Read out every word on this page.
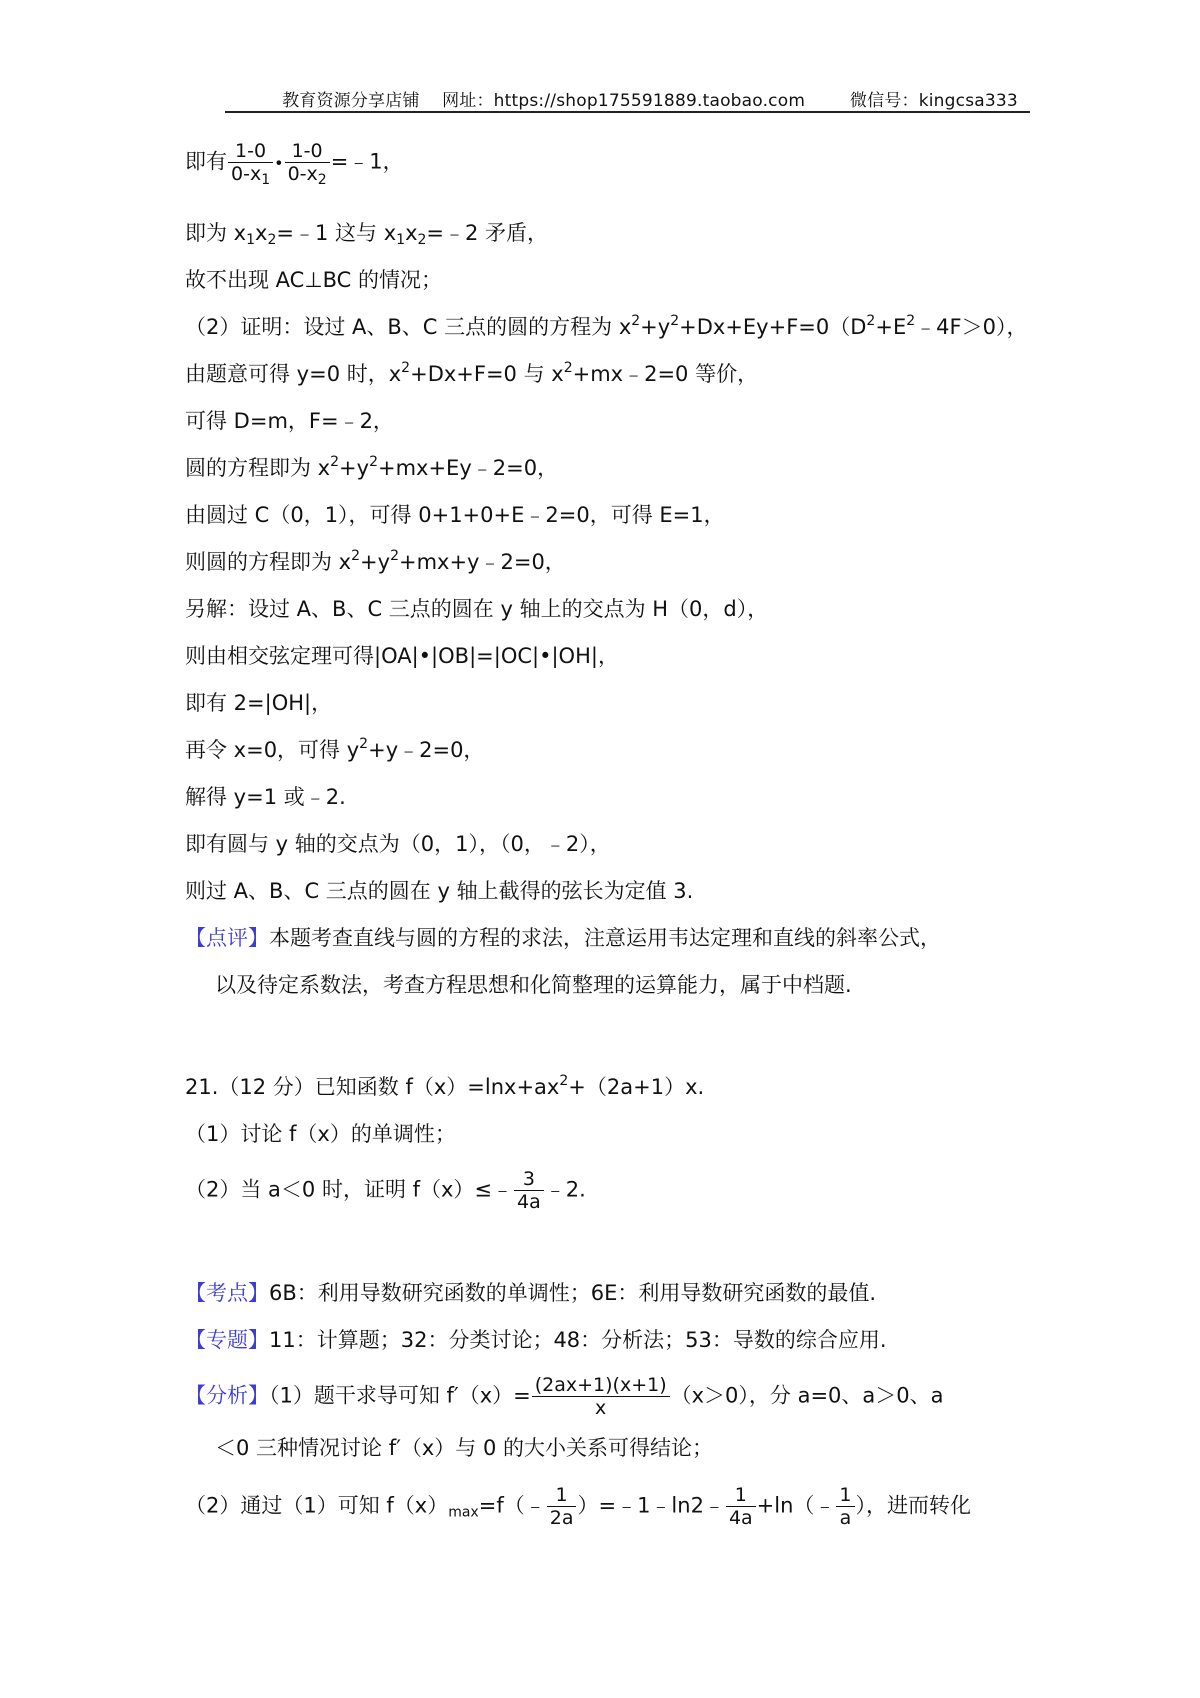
教育资源分享店铺    网址：https://shop175591889.taobao.com        微信号：kingcsa333
即有 $\frac{1-0}{0-x_1}$ • $\frac{1-0}{0-x_2}$ =﹣1，
即为 $x_1x_2=﹣1$ 这与 $x_1x_2=﹣2$ 矛盾，
故不出现 AC⊥BC 的情况；
（2）证明：设过 A、B、C 三点的圆的方程为 $x^2+y^2+Dx+Ey+F=0(D^2+E^2﹣4F>0)$，
由题意可得 y=0 时，$x^2+Dx+F=0$ 与 $x^2+mx﹣2=0$ 等价，
可得 D=m，F=﹣2，
圆的方程即为 $x^2+y^2+mx+Ey﹣2=0$，
由圆过 C（0，1），可得 0+1+0+E﹣2=0，可得 E=1，
则圆的方程即为 $x^2+y^2+mx+y﹣2=0$，
另解：设过 A、B、C 三点的圆在 y 轴上的交点为 H（0，d），
则由相交弦定理可得|OA|•|OB|=|OC|•|OH|，
即有 2=|OH|，
再令 x=0，可得 $y^2+y﹣2=0$，
解得 y=1 或﹣2.
即有圆与 y 轴的交点为（0，1），（0，﹣2），
则过 A、B、C 三点的圆在 y 轴上截得的弦长为定值 3.
【点评】本题考查直线与圆的方程的求法，注意运用韦达定理和直线的斜率公式，
以及待定系数法，考查方程思想和化简整理的运算能力，属于中档题.
21.（12 分）已知函数 $f(x)=\ln x+ax^2+(2a+1)x$.
（1）讨论 f（x）的单调性；
（2）当 a＜0 时，证明 f（x）≤﹣ $\frac{3}{4a}$ ﹣2.
【考点】6B：利用导数研究函数的单调性；6E：利用导数研究函数的最值.
【专题】11：计算题；32：分类讨论；48：分析法；53：导数的综合应用.
【分析】（1）题干求导可知 $f'(x)= \frac{(2ax+1)(x+1)}{x} (x>0)$，分 a=0、a＞0、a
＜0 三种情况讨论 f′（x）与 0 的大小关系可得结论；
（2）通过（1）可知 $f(x)_{max}=f(﹣ \frac{1}{2a}$ ）=﹣1﹣ln2﹣ $\frac{1}{4a}$ +ln（﹣ $\frac{1}{a}$ ），进而转化
